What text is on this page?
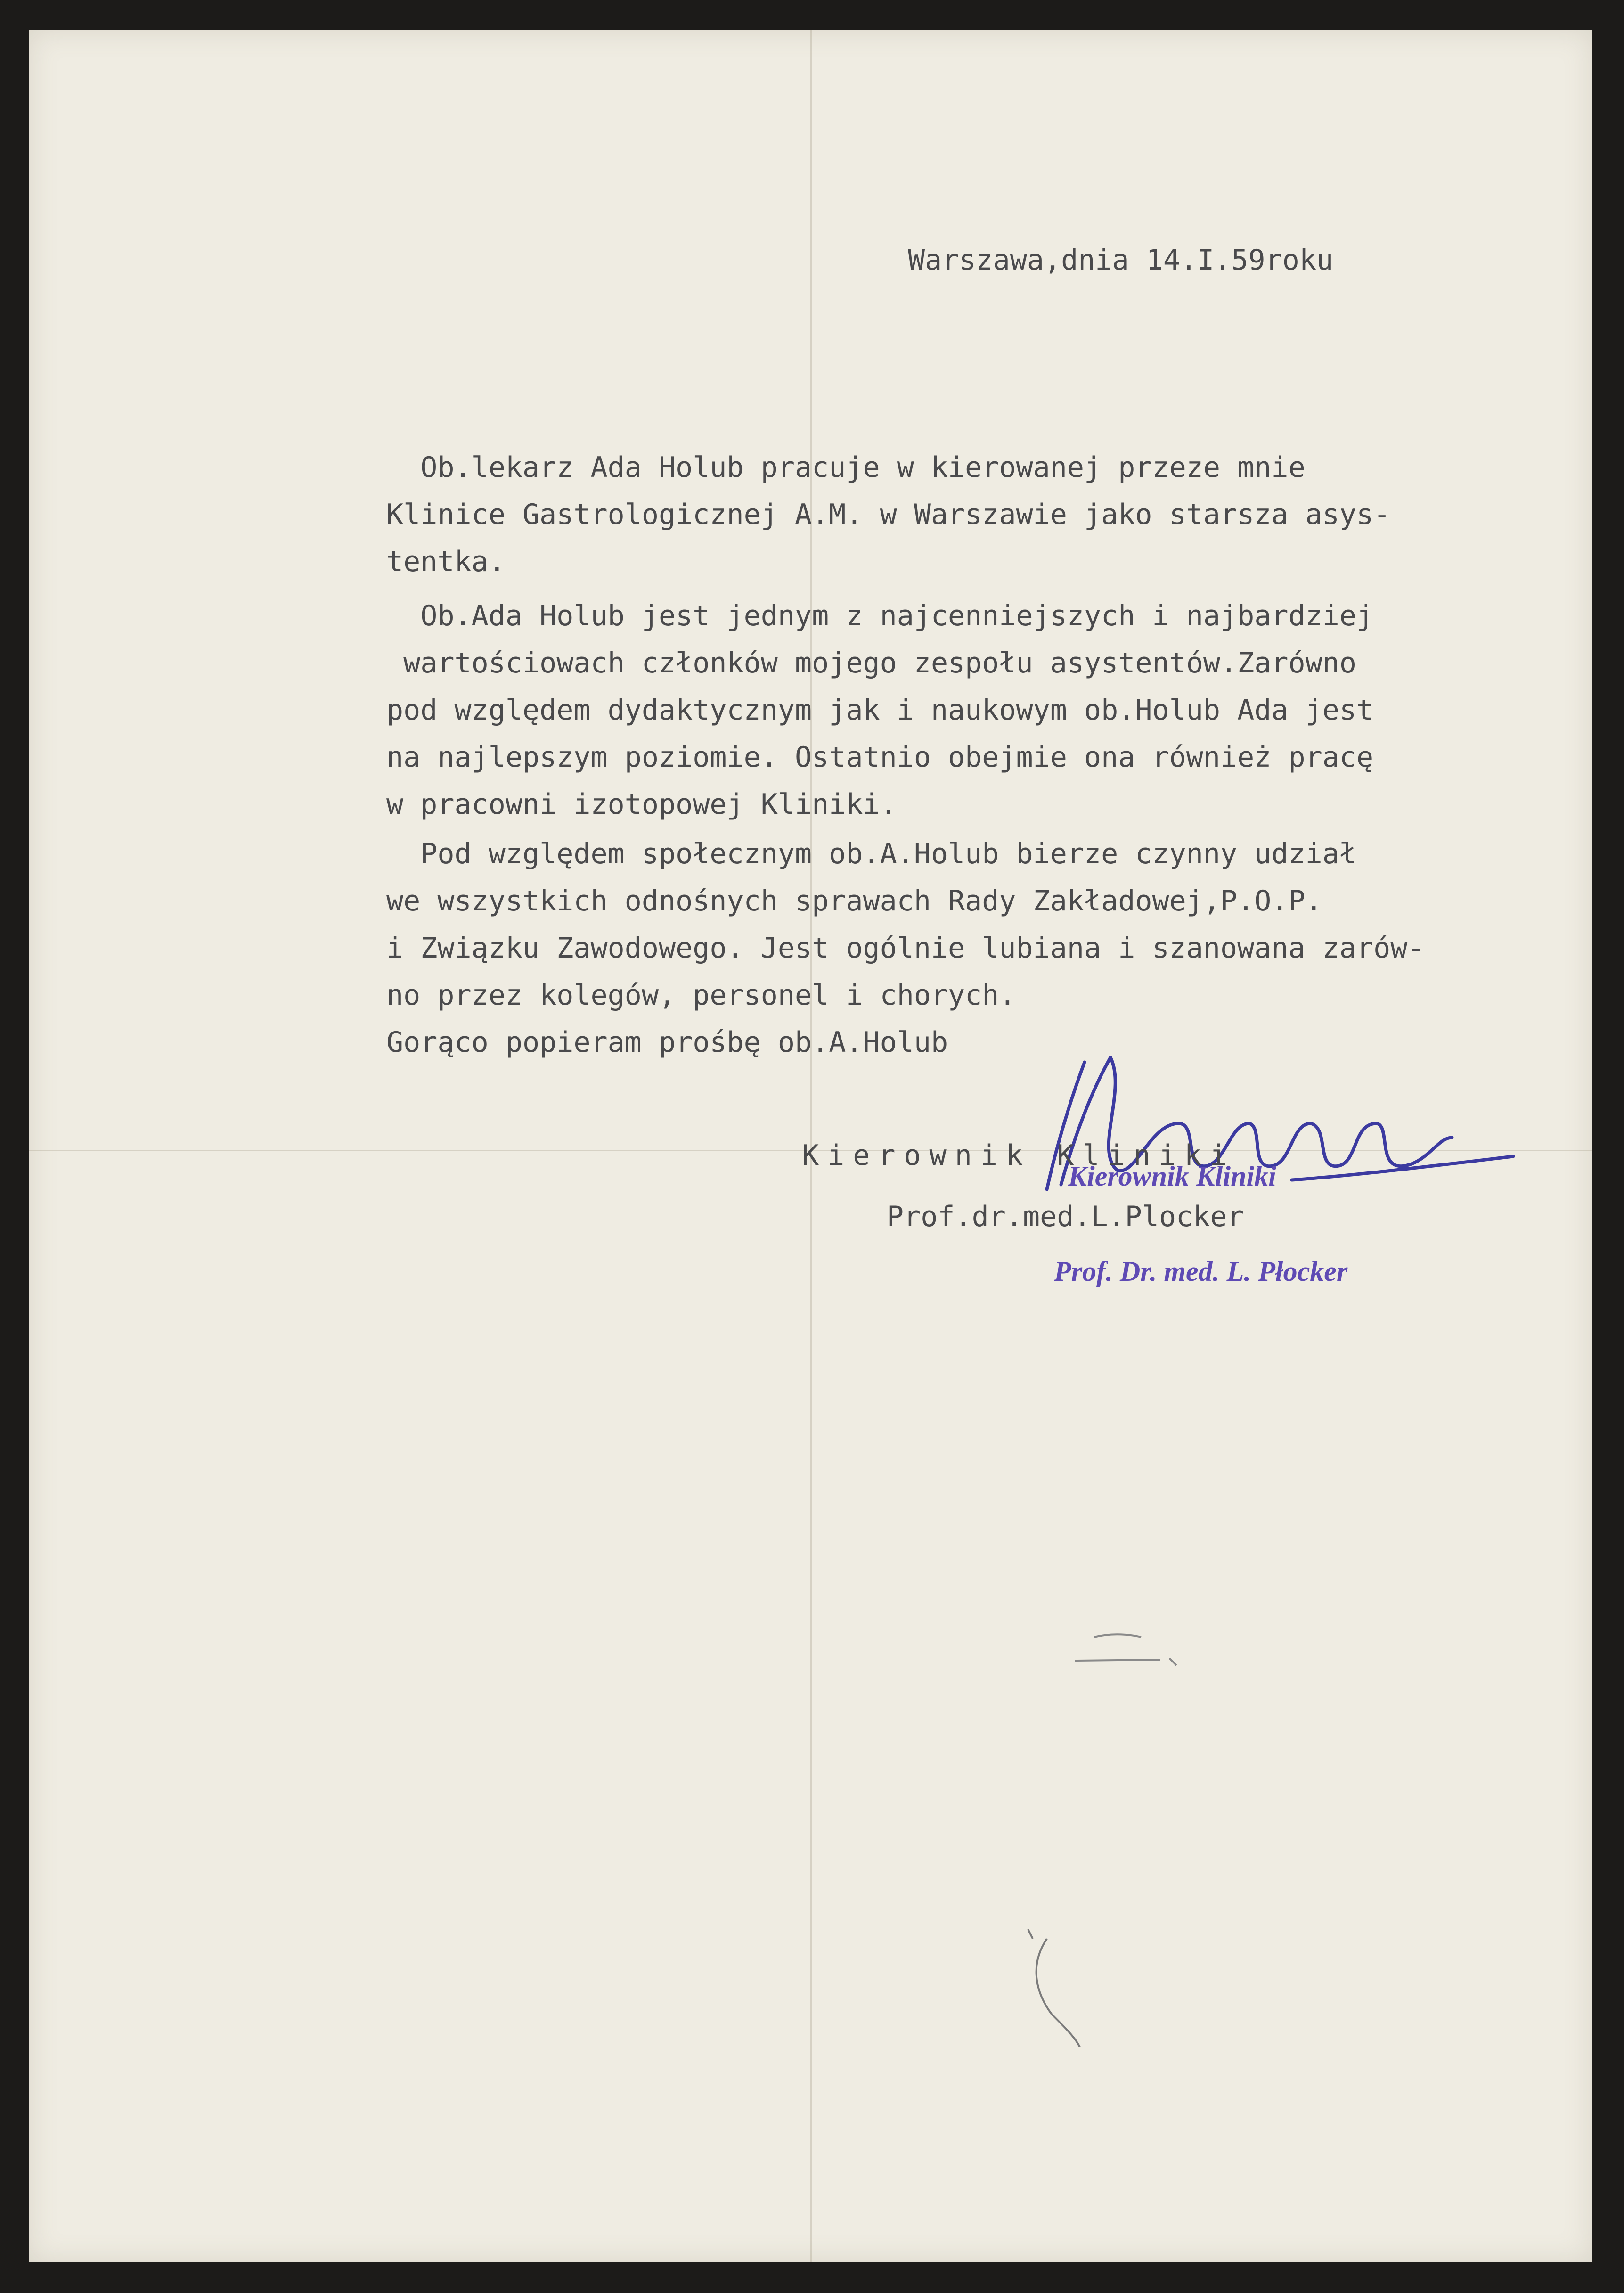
Warszawa,dnia 14.I.59roku

Ob.lekarz Ada Holub pracuje w kierowanej przeze mnie

Klinice Gastrologicznej A.M. w Warszawie jako starsza asys-

tentka.

Ob.Ada Holub jest jednym z najcenniejszych i najbardziej

wartościowach członków mojego zespołu asystentów.Zarówno

pod względem dydaktycznym jak i naukowym ob.Holub Ada jest

na najlepszym poziomie. Ostatnio obejmie ona również pracę

w pracowni izotopowej Kliniki.

Pod względem społecznym ob.A.Holub bierze czynny udział

we wszystkich odnośnych sprawach Rady Zakładowej,P.O.P.

i Związku Zawodowego. Jest ogólnie lubiana i szanowana zarów-

no przez kolegów, personel i chorych.

Gorąco popieram prośbę ob.A.Holub

Kierownik Kliniki

Prof.dr.med.L.Plocker

Kierownik Kliniki

Prof. Dr. med. L. Płocker
